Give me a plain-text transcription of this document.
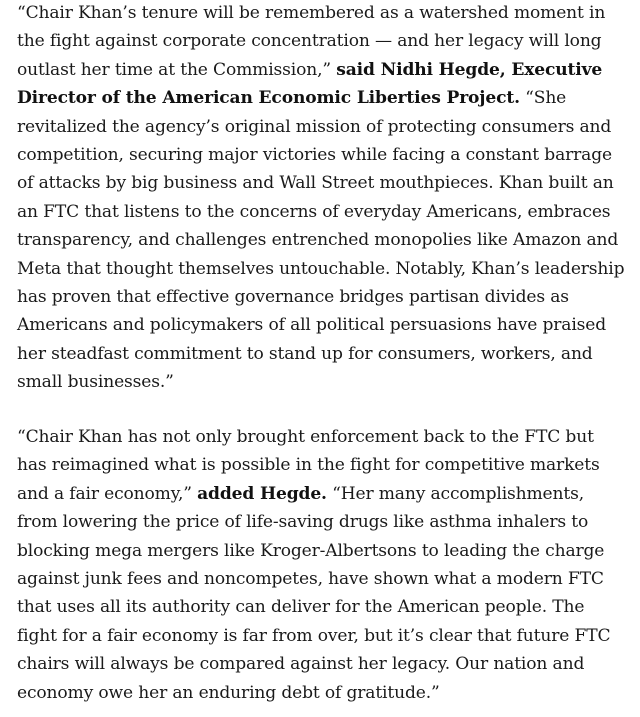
“Chair Khan’s tenure will be remembered as a watershed moment in
the fight against corporate concentration — and her legacy will long
outlast her time at the Commission,” said Nidhi Hegde, Executive
Director of the American Economic Liberties Project. “She
revitalized the agency’s original mission of protecting consumers and
competition, securing major victories while facing a constant barrage
of attacks by big business and Wall Street mouthpieces. Khan built an
an FTC that listens to the concerns of everyday Americans, embraces
transparency, and challenges entrenched monopolies like Amazon and
Meta that thought themselves untouchable. Notably, Khan’s leadership
has proven that effective governance bridges partisan divides as
Americans and policymakers of all political persuasions have praised
her steadfast commitment to stand up for consumers, workers, and
small businesses.”

“Chair Khan has not only brought enforcement back to the FTC but
has reimagined what is possible in the fight for competitive markets
and a fair economy,” added Hegde. “Her many accomplishments,
from lowering the price of life-saving drugs like asthma inhalers to
blocking mega mergers like Kroger-Albertsons to leading the charge
against junk fees and noncompetes, have shown what a modern FTC
that uses all its authority can deliver for the American people. The
fight for a fair economy is far from over, but it’s clear that future FTC
chairs will always be compared against her legacy. Our nation and
economy owe her an enduring debt of gratitude.”
